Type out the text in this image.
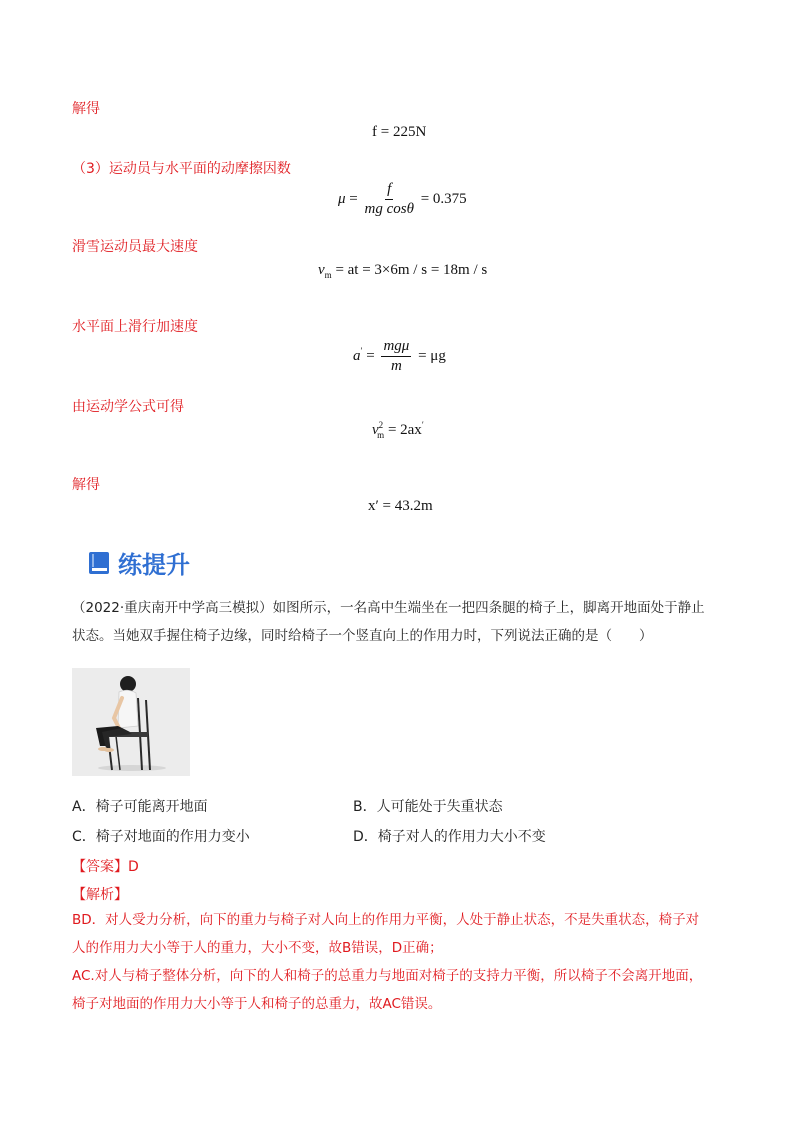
解得
f = 225N
（3）运动员与水平面的动摩擦因数
$\mu = \frac{f}{\text{mg cosθ}} = 0.375$
滑雪运动员最大速度
$v_m$ = at = 3×6m / s = 18m / s
水平面上滑行加速度
$a' = \frac{\text{mgμ}}{m} = \mu g$
由运动学公式可得
$v^2_m = 2ax'$
解得
x′ = 43.2m
练提升
（2022·重庆南开中学高三模拟）如图所示，一名高中生端坐在一把四条腿的椅子上，脚离开地面处于静止
状态。当她双手握住椅子边缘，同时给椅子一个竖直向上的作用力时，下列说法正确的是（　　）
A．椅子可能离开地面	B．人可能处于失重状态
C．椅子对地面的作用力变小	D．椅子对人的作用力大小不变
【答案】D
【解析】
BD．对人受力分析，向下的重力与椅子对人向上的作用力平衡，人处于静止状态，不是失重状态，椅子对
人的作用力大小等于人的重力，大小不变，故B错误，D正确；
AC.对人与椅子整体分析，向下的人和椅子的总重力与地面对椅子的支持力平衡，所以椅子不会离开地面，
椅子对地面的作用力大小等于人和椅子的总重力，故AC错误。
